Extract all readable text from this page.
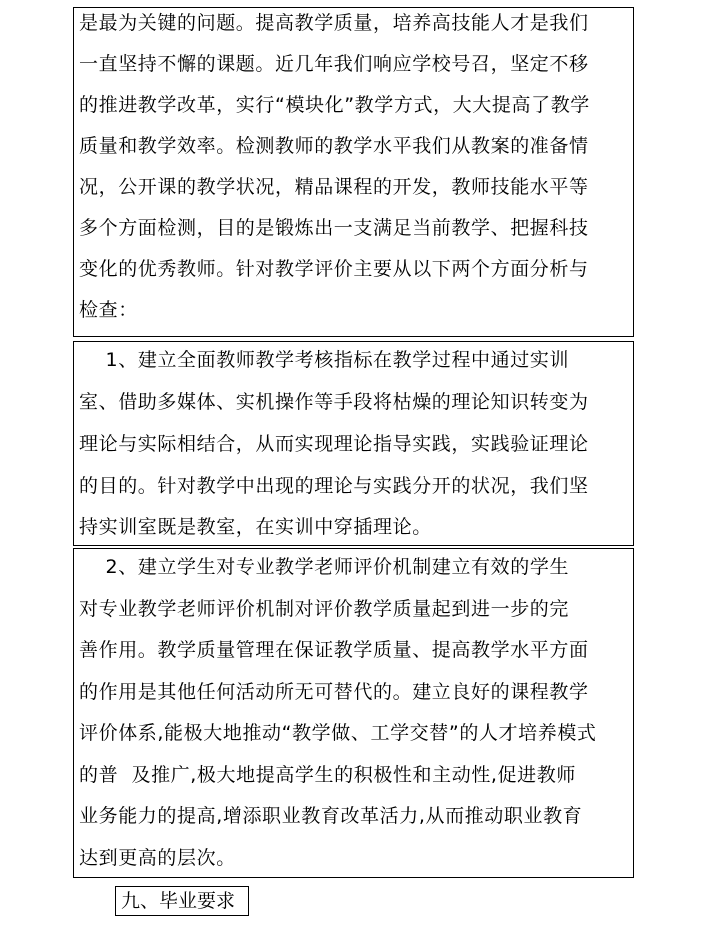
是最为关键的问题。提高教学质量，培养高技能人才是我们
一直坚持不懈的课题。近几年我们响应学校号召，坚定不移
的推进教学改革，实行“模块化”教学方式，大大提高了教学
质量和教学效率。检测教师的教学水平我们从教案的准备情
况，公开课的教学状况，精品课程的开发，教师技能水平等
多个方面检测，目的是锻炼出一支满足当前教学、把握科技
变化的优秀教师。针对教学评价主要从以下两个方面分析与
检查：
1、建立全面教师教学考核指标在教学过程中通过实训
室、借助多媒体、实机操作等手段将枯燥的理论知识转变为
理论与实际相结合，从而实现理论指导实践，实践验证理论
的目的。针对教学中出现的理论与实践分开的状况，我们坚
持实训室既是教室，在实训中穿插理论。
2、建立学生对专业教学老师评价机制建立有效的学生
对专业教学老师评价机制对评价教学质量起到进一步的完
善作用。教学质量管理在保证教学质量、提高教学水平方面
的作用是其他任何活动所无可替代的。建立良好的课程教学
评价体系,能极大地推动“教学做、工学交替”的人才培养模式
的普  及推广,极大地提高学生的积极性和主动性,促进教师
业务能力的提高,增添职业教育改革活力,从而推动职业教育
达到更高的层次。
九、毕业要求
